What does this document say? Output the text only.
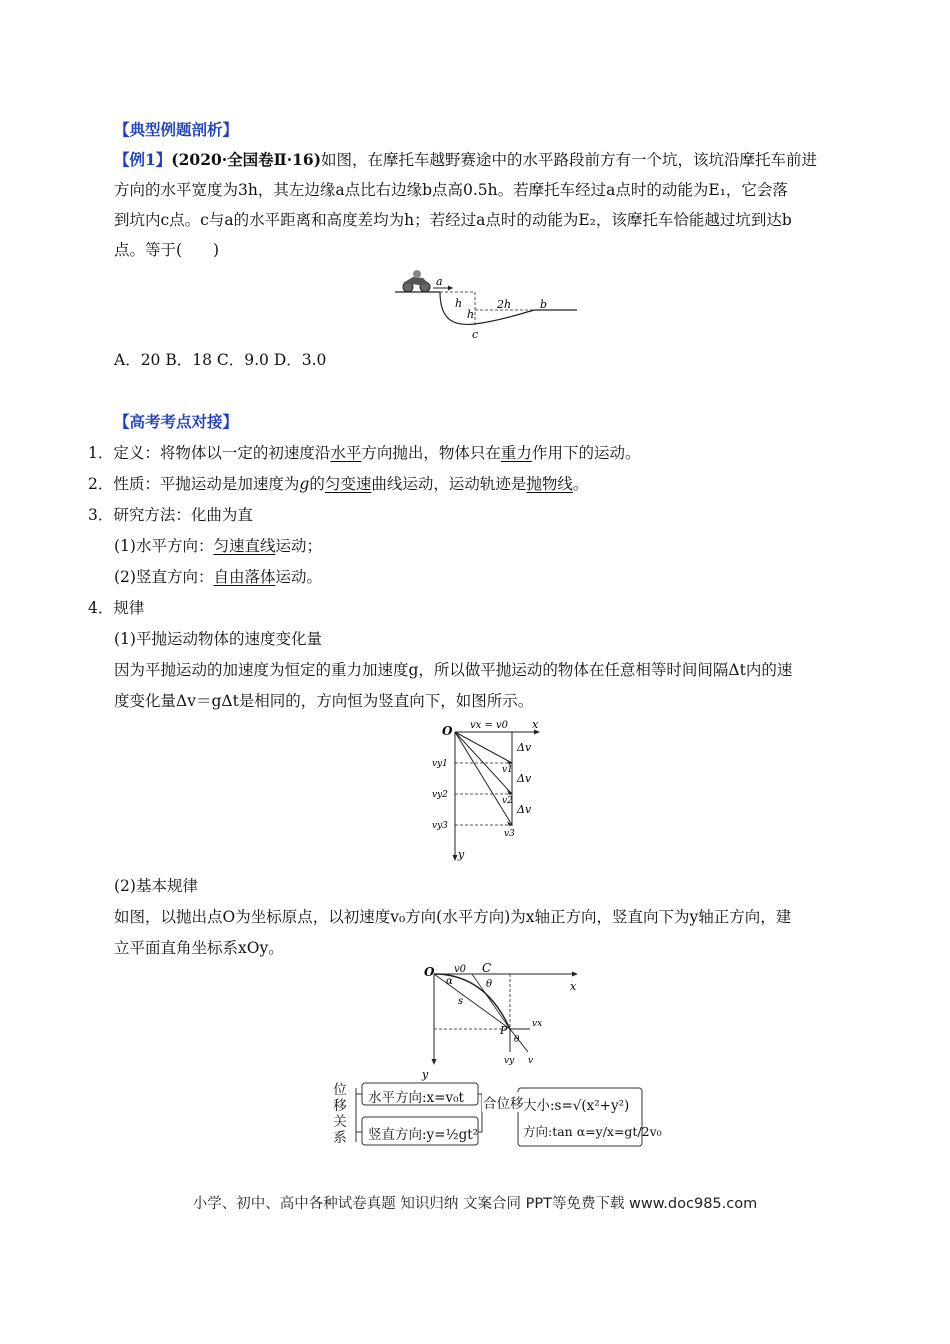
【典型例题剖析】
【例1】(2020·全国卷Ⅱ·16)如图，在摩托车越野赛途中的水平路段前方有一个坑，该坑沿摩托车前进
方向的水平宽度为3h，其左边缘a点比右边缘b点高0.5h。若摩托车经过a点时的动能为E₁，它会落
到坑内c点。c与a的水平距离和高度差均为h；若经过a点时的动能为E₂，该摩托车恰能越过坑到达b
点。等于(　　)
a
h
h
2h	b
c
A．20 B．18 C．9.0 D．3.0
【高考考点对接】
1．定义：将物体以一定的初速度沿水平方向抛出，物体只在重力作用下的运动。
2．性质：平抛运动是加速度为g的匀变速曲线运动，运动轨迹是抛物线。
3．研究方法：化曲为直
(1)水平方向：匀速直线运动；
(2)竖直方向：自由落体运动。
4．规律
(1)平抛运动物体的速度变化量
因为平抛运动的加速度为恒定的重力加速度g，所以做平抛运动的物体在任意相等时间间隔Δt内的速
度变化量Δv＝gΔt是相同的，方向恒为竖直向下，如图所示。
O vx = v0 x
y
Δv
Δv
Δv
vy1
vy2
vy3
v1
v2
v3
(2)基本规律
如图，以抛出点O为坐标原点，以初速度v₀方向(水平方向)为x轴正方向，竖直向下为y轴正方向，建
立平面直角坐标系xOy。
O v0 C
x
y
α	θ
s
P	vx
vy v
θ
位
移
关
系
水平方向:x=v₀t
竖直方向:y=½gt²
合位移 大小:s=√(x²+y²)
方向:tan α=y/x=gt/2v₀
小学、初中、高中各种试卷真题 知识归纳 文案合同 PPT等免费下载 www.doc985.com
